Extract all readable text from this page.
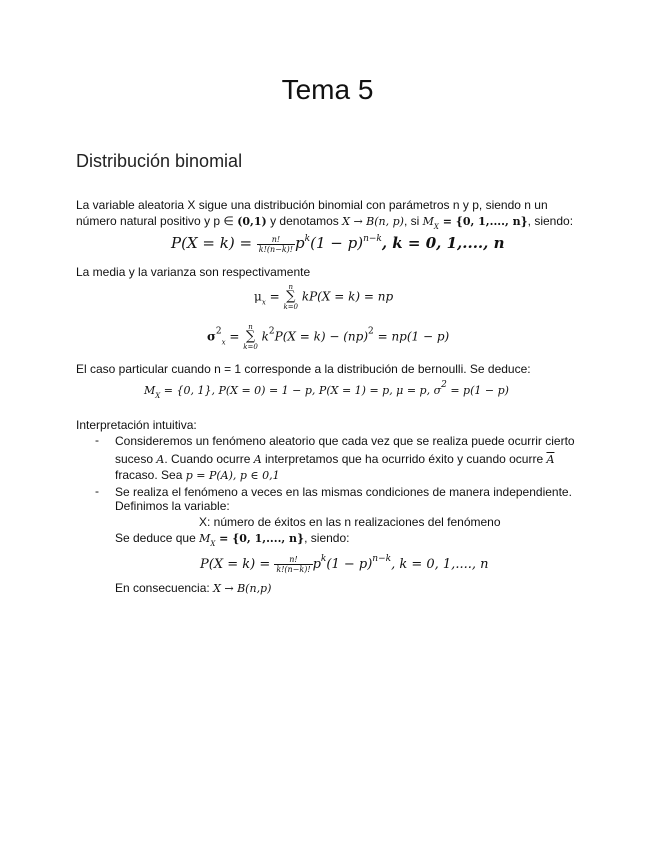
Tema 5
Distribución binomial
La variable aleatoria X sigue una distribución binomial con parámetros n y p, siendo n un
número natural positivo y p ∈ (0,1) y denotamos X → B(n, p), si $M_X = \{0$, 1,...., n}, siendo:
$P(X = k) = \frac{n!}{k!(n-k)!} p^k(1 - p)^{n-k}$, k = 0, 1,...., n
La media y la varianza son respectivamente
$\mu_x$ =
n
∑
k=0
kP(X = k) = np
$\sigma^2_x$ =
n
∑
k=0
$k^2P(X = k) - (np)^2 = np(1 - p)$
El caso particular cuando n = 1 corresponde a la distribución de bernoulli. Se deduce:
$M_X = \{0$, 1}, P(X = 0) = 1 − p, P(X = 1) = p, μ = p, $\sigma^2 = p(1 - p)$
Interpretación intuitiva:
- Consideremos un fenómeno aleatorio que cada vez que se realiza puede ocurrir cierto
suceso A. Cuando ocurre A interpretamos que ha ocurrido éxito y cuando ocurre $\overline{A}$
fracaso. Sea p = P(A), p ∈ 0,1
- Se realiza el fenómeno a veces en las mismas condiciones de manera independiente.
Definimos la variable:
X: número de éxitos en las n realizaciones del fenómeno
Se deduce que $M_X = \{0$, 1,...., n}, siendo:
$P(X = k) = \frac{n!}{k!(n-k)!} p^k(1 - p)^{n-k}$, k = 0, 1,...., n
En consecuencia: X → B(n,p)
